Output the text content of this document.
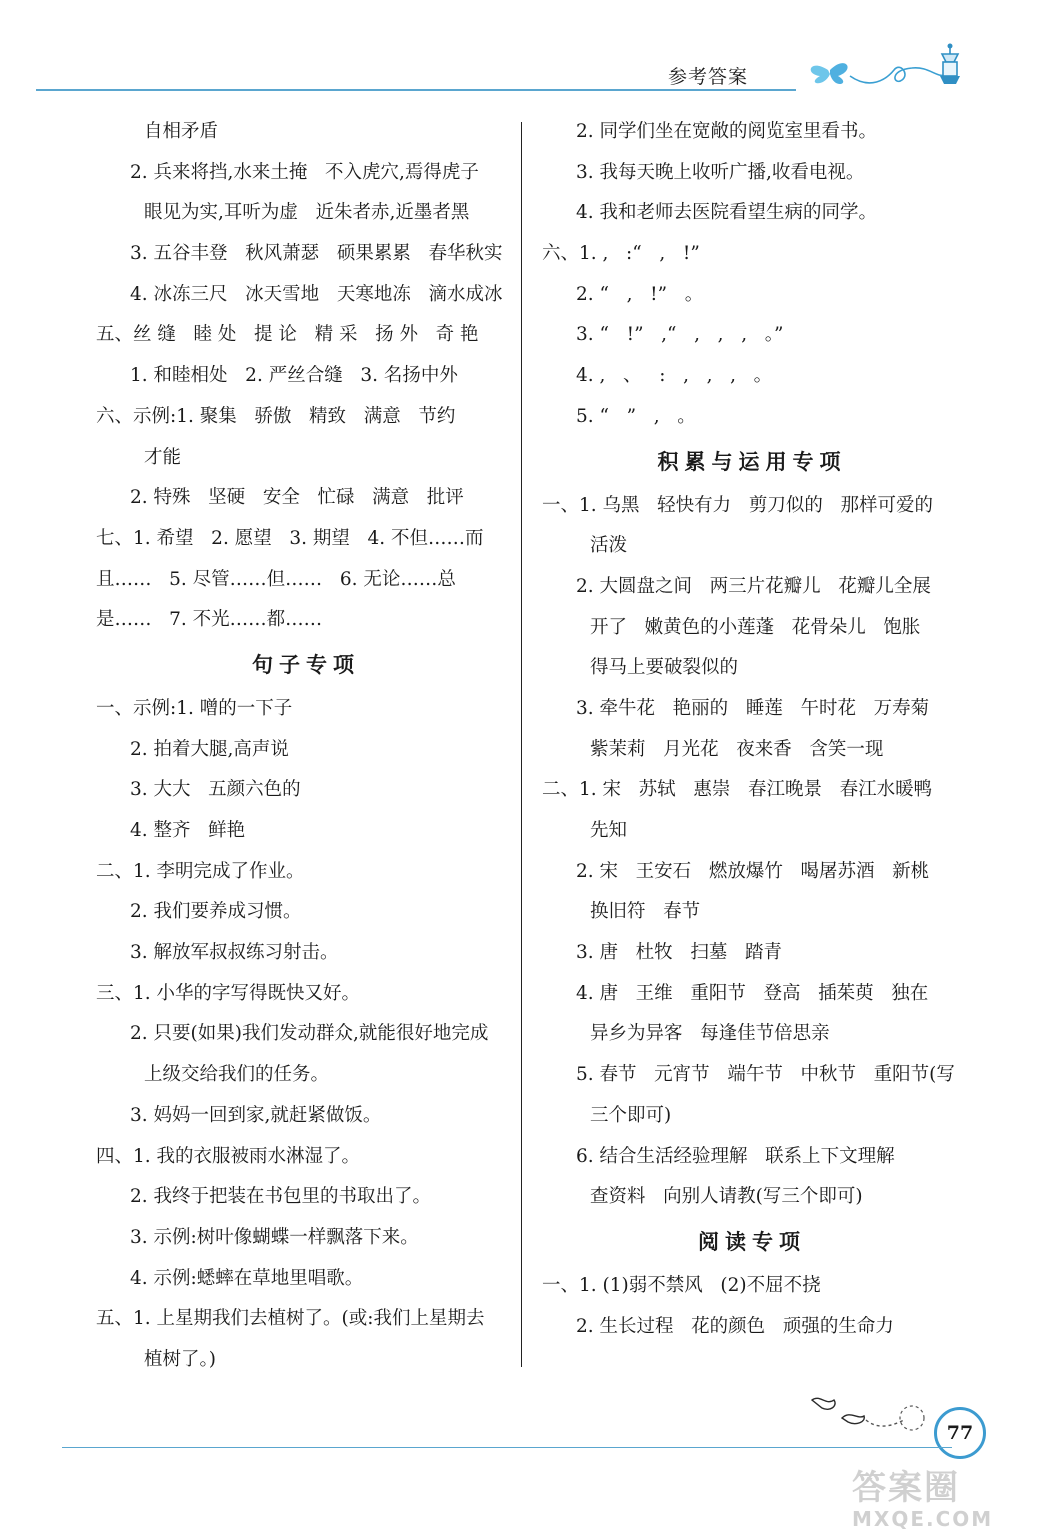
参考答案
自相矛盾
2. 兵来将挡,水来土掩   不入虎穴,焉得虎子
眼见为实,耳听为虚   近朱者赤,近墨者黑
3. 五谷丰登   秋风萧瑟   硕果累累   春华秋实
4. 冰冻三尺   冰天雪地   天寒地冻   滴水成冰
五、丝 缝   睦 处   提 论   精 采   扬 外   奇 艳
1. 和睦相处   2. 严丝合缝   3. 名扬中外
六、示例:1. 聚集   骄傲   精致   满意   节约
才能
2. 特殊   坚硬   安全   忙碌   满意   批评
七、1. 希望   2. 愿望   3. 期望   4. 不但……而
且……   5. 尽管……但……   6. 无论……总
是……   7. 不光……都……
句子专项
一、示例:1. 噌的一下子
2. 拍着大腿,高声说
3. 大大   五颜六色的
4. 整齐   鲜艳
二、1. 李明完成了作业。
2. 我们要养成习惯。
3. 解放军叔叔练习射击。
三、1. 小华的字写得既快又好。
2. 只要(如果)我们发动群众,就能很好地完成
上级交给我们的任务。
3. 妈妈一回到家,就赶紧做饭。
四、1. 我的衣服被雨水淋湿了。
2. 我终于把装在书包里的书取出了。
3. 示例:树叶像蝴蝶一样飘落下来。
4. 示例:蟋蟀在草地里唱歌。
五、1. 上星期我们去植树了。(或:我们上星期去
植树了。)
2. 同学们坐在宽敞的阅览室里看书。
3. 我每天晚上收听广播,收看电视。
4. 我和老师去医院看望生病的同学。
六、1. ,   :“   ,   !”
2. “   ,   !”   。
3. “   !”   ,“   ,   ,   ,   。”
4. ,   、   :   ,   ,   ,   。
5. “   ”   ,   。
积累与运用专项
一、1. 乌黑   轻快有力   剪刀似的   那样可爱的
活泼
2. 大圆盘之间   两三片花瓣儿   花瓣儿全展
开了   嫩黄色的小莲蓬   花骨朵儿   饱胀
得马上要破裂似的
3. 牵牛花   艳丽的   睡莲   午时花   万寿菊
紫茉莉   月光花   夜来香   含笑一现
二、1. 宋   苏轼   惠崇   春江晚景   春江水暖鸭
先知
2. 宋   王安石   燃放爆竹   喝屠苏酒   新桃
换旧符   春节
3. 唐   杜牧   扫墓   踏青
4. 唐   王维   重阳节   登高   插茱萸   独在
异乡为异客   每逢佳节倍思亲
5. 春节   元宵节   端午节   中秋节   重阳节(写
三个即可)
6. 结合生活经验理解   联系上下文理解
查资料   向别人请教(写三个即可)
阅读专项
一、1. (1)弱不禁风   (2)不屈不挠
2. 生长过程   花的颜色   顽强的生命力
77
答案圈
MXQE.COM
